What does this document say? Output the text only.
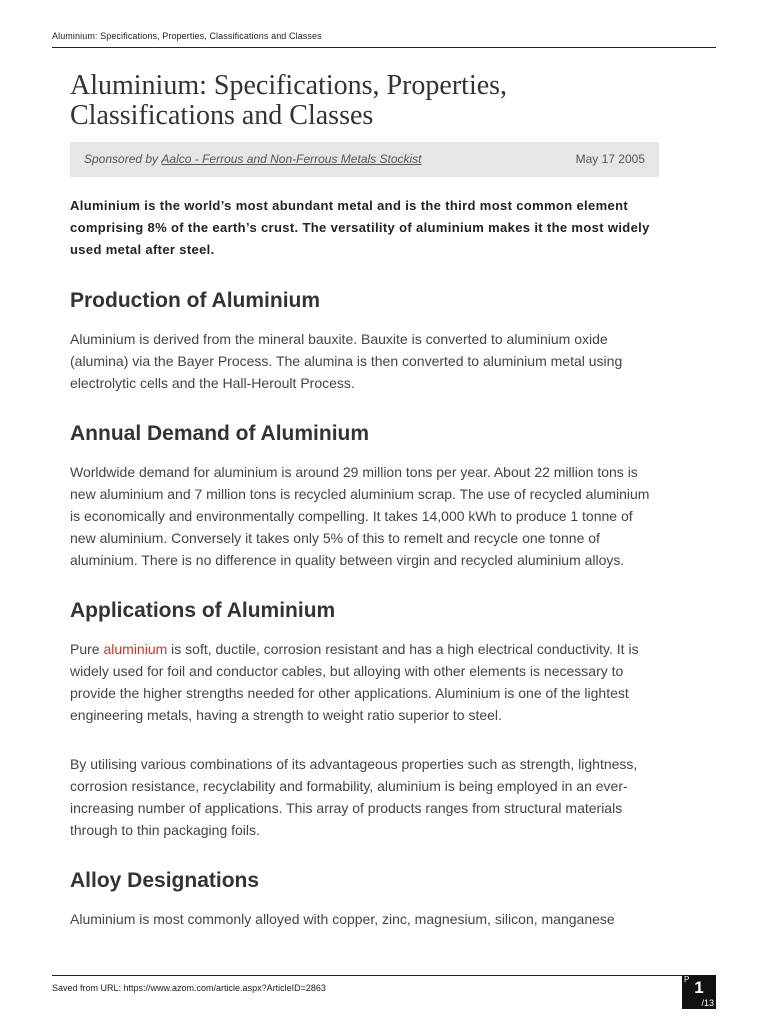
Aluminium: Specifications, Properties, Classifications and Classes
Aluminium: Specifications, Properties, Classifications and Classes
Sponsored by Aalco - Ferrous and Non-Ferrous Metals Stockist	May 17 2005

Aluminium is the world’s most abundant metal and is the third most common element comprising 8% of the earth’s crust. The versatility of aluminium makes it the most widely used metal after steel.

Production of Aluminium

Aluminium is derived from the mineral bauxite. Bauxite is converted to aluminium oxide (alumina) via the Bayer Process. The alumina is then converted to aluminium metal using electrolytic cells and the Hall-Heroult Process.

Annual Demand of Aluminium

Worldwide demand for aluminium is around 29 million tons per year. About 22 million tons is new aluminium and 7 million tons is recycled aluminium scrap. The use of recycled aluminium is economically and environmentally compelling. It takes 14,000 kWh to produce 1 tonne of new aluminium. Conversely it takes only 5% of this to remelt and recycle one tonne of aluminium. There is no difference in quality between virgin and recycled aluminium alloys.

Applications of Aluminium

Pure aluminium is soft, ductile, corrosion resistant and has a high electrical conductivity. It is widely used for foil and conductor cables, but alloying with other elements is necessary to provide the higher strengths needed for other applications. Aluminium is one of the lightest engineering metals, having a strength to weight ratio superior to steel.

By utilising various combinations of its advantageous properties such as strength, lightness, corrosion resistance, recyclability and formability, aluminium is being employed in an ever-increasing number of applications. This array of products ranges from structural materials through to thin packaging foils.

Alloy Designations

Aluminium is most commonly alloyed with copper, zinc, magnesium, silicon, manganese

Saved from URL: https://www.azom.com/article.aspx?ArticleID=2863
P 1
/13
